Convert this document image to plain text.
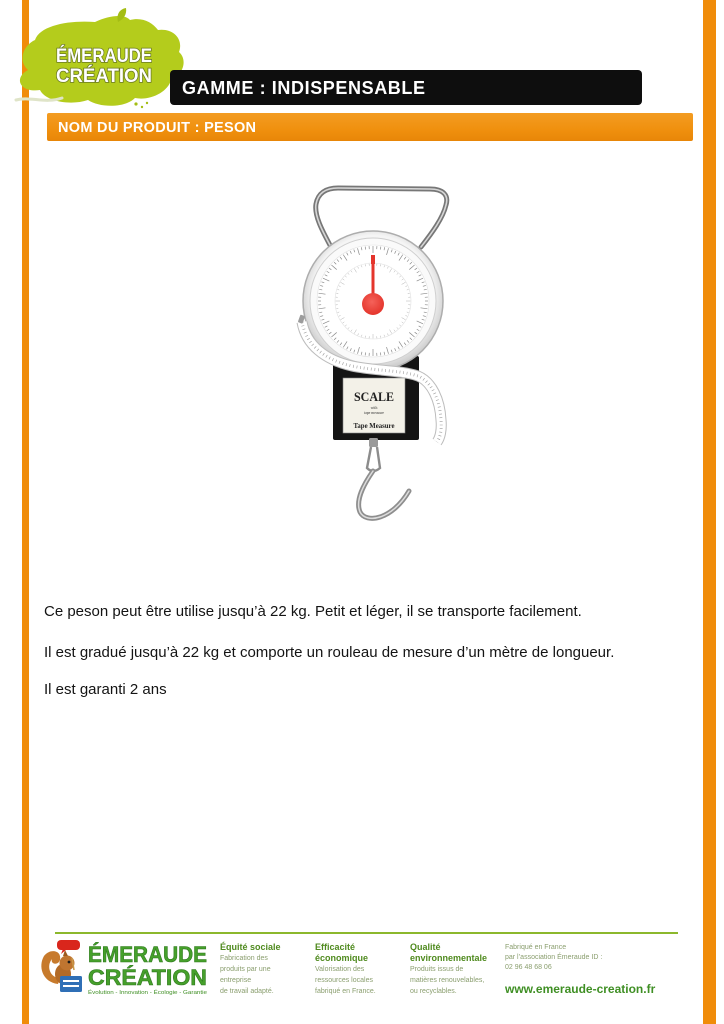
ÉMERAUDE
CRÉATION
GAMME : INDISPENSABLE
NOM DU PRODUIT : PESON
SCALE
with
tape measure
Tape Measure
Ce peson peut être utilise jusqu’à 22 kg. Petit et léger, il se transporte facilement.
Il est gradué jusqu’à 22 kg et comporte un rouleau de mesure d’un mètre de longueur.
Il est garanti 2 ans
ÉMERAUDE
CRÉATION
Évolution - Innovation - Écologie - Garantie
Équité sociale
Fabrication des
produits par une
entreprise
de travail adapté.
Efficacité
économique
Valorisation des
ressources locales
fabriqué en France.
Qualité
environnementale
Produits issus de
matières renouvelables,
ou recyclables.
Fabriqué en France
par l’association Émeraude ID :
02 96 48 68 06
www.emeraude-creation.fr
